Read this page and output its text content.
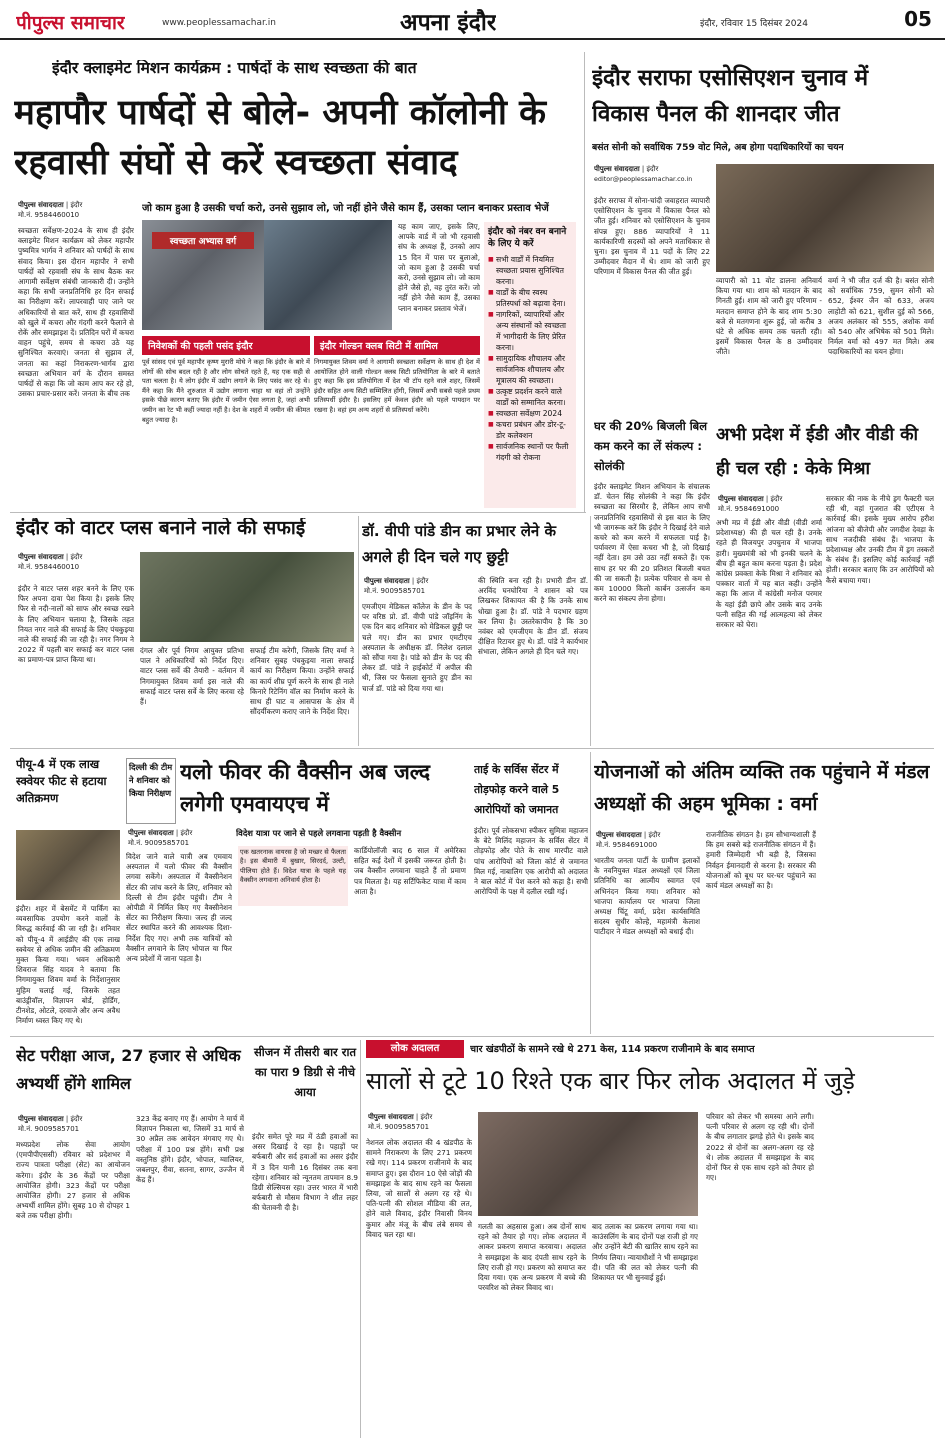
पीपुल्स समाचार	www.peoplessamachar.in	अपना इंदौर	इंदौर, रविवार 15 दिसंबर 2024	05
इंदौर क्लाइमेट मिशन कार्यक्रम : पार्षदों के साथ स्वच्छता की बात
महापौर पार्षदों से बोले- अपनी कॉलोनी के रहवासी संघों से करें स्वच्छता संवाद
जो काम हुआ है उसकी चर्चा करो, उनसे सुझाव लो, जो नहीं होने जैसे काम हैं, उसका प्लान बनाकर प्रस्ताव भेजें
पीपुल्स संवाददाता | इंदौर
मो.नं. 9584460010
स्वच्छता सर्वेक्षण-2024 के साथ ही इंदौर क्लाइमेट मिशन कार्यक्रम को लेकर महापौर पुष्यमित्र भार्गव ने शनिवार को पार्षदों के साथ संवाद किया। इस दौरान महापौर ने सभी पार्षदों को रहवासी संघ के साथ बैठक कर आगामी सर्वेक्षण संबंधी जानकारी दी। उन्होंने कहा कि सभी जनप्रतिनिधि हर दिन सफाई का निरीक्षण करें। लापरवाही पाए जाने पर अधिकारियों से बात करें, साथ ही रहवासियों को खुले में कचरा और गंदगी करने फैलाने से रोकें और समझाइश दें। प्रतिदिन घरों में कचरा वाहन पहुंचे, समय से कचरा उठे यह सुनिश्चित करवाएं। जनता से सुझाव लें, जनता का कहां निराकरण-भार्गव द्वारा स्वच्छता अभियान वर्ग के दौरान समस्त पार्षदों से कहा कि जो काम आप कर रहे हो, उसका प्रचार-प्रसार करें। जनता के बीच तक
स्वच्छता अभ्यास वर्ग
यह काम जाए, इसके लिए, आपके वार्ड में जो भी रहवासी संघ के अध्यक्ष हैं, उनको आप 15 दिन में पास पर बुलाओ, जो काम हुआ है उसकी चर्चा करो, उनसे सुझाव लो। जो काम होने जैसे हो, वह तुरंत करें। जो नहीं होने जैसे काम हैं, उसका प्लान बनाकर प्रस्ताव भेजें।
निवेशकों की पहली पसंद इंदौर
पूर्व सांसद एवं पूर्व महापौर कृष्ण मुरारी मोघे ने कहा कि इंदौर के बारे में लोगों की सोच बदल रही है और लोग सोचते रहते हैं, यह एक सही से पता चलता है। ये लोग इंदौर में उद्योग लगाने के लिए पसंद कर रहे थे। मैंने कहा कि मैंने शुरुआत में उद्योग लगाना चाहा था वहां तो उन्होंने इसके पीछे कारण बताए कि इंदौर में जमीन ऐसा लगता है, जहां अभी जमीन का रेट भी कहीं ज्यादा नहीं है। देश के शहरों में जमीन की कीमत बहुत ज्यादा है।
इंदौर गोल्डन क्लब सिटी में शामिल
निगमायुक्त शिवम वर्मा ने आगामी स्वच्छता सर्वेक्षण के साथ ही देश में आयोजित होने वाली गोल्डन क्लब सिटी प्रतियोगिता के बारे में बताते हुए कहा कि इस प्रतियोगिता में देश भी टॉप रहने वाले शहर, जिसमें इंदौर सहित अन्य सिटी सम्मिलित होंगी, जिसमें अभी सबसे पहले प्रथम प्रतिस्पर्धी इंदौर है। इसलिए हमें केवल इंदौर को पहले पायदान पर रखना है। वहां हम अन्य शहरों से प्रतिस्पर्धा करेंगे।
इंदौर को नंबर वन बनाने के लिए ये करें
■ सभी वार्डों में नियमित स्वच्छता प्रयास सुनिश्चित करना।
■ वार्डों के बीच स्वस्थ प्रतिस्पर्धा को बढ़ावा देना।
■ नागरिकों, व्यापारियों और अन्य संस्थानों को स्वच्छता में भागीदारी के लिए प्रेरित करना।
■ सामुदायिक शौचालय और सार्वजनिक शौचालय और मूत्रालय की स्वच्छता।
■ उत्कृष्ट प्रदर्शन करने वाले वार्डों को सम्मानित करना।
■ स्वच्छता सर्वेक्षण 2024
■ कचरा प्रबंधन और डोर-टू-डोर कलेक्शन
■ सार्वजनिक स्थानों पर फैली गंदगी को रोकना
इंदौर सराफा एसोसिएशन चुनाव में विकास पैनल की शानदार जीत
बसंत सोनी को सर्वाधिक 759 वोट मिले, अब होगा पदाधिकारियों का चयन
पीपुल्स संवाददाता | इंदौर
editor@peoplessamachar.co.in
इंदौर सराफा में सोना-चांदी जवाहरात व्यापारी एसोसिएशन के चुनाव में विकास पैनल को जीत हुई। शनिवार को एसोसिएशन के चुनाव संपन्न हुए। 886 व्यापारियों ने 11 कार्यकारिणी सदस्यों को अपने मताधिकार से चुना। इस चुनाव में 11 पदों के लिए 22 उम्मीदवार मैदान में थे। शाम को जारी हुए परिणाम में विकास पैनल की जीत हुई।
व्यापारी को 11 वोट डालना अनिवार्य किया गया था। शाम को मतदान के बाद गिनती हुई। शाम को जारी हुए परिणाम - मतदान समाप्त होने के बाद शाम 5:30 बजे से मतगणना शुरू हुई, जो करीब 3 घंटे से अधिक समय तक चलती रही। इसमें विकास पैनल के 8 उम्मीदवार जीते।
वर्मा ने भी जीत दर्ज की है। बसंत सोनी को सर्वाधिक 759, सुमन सोनी को 652, ईश्वर जैन को 633, अजय लाहोटी को 621, सुशील दुई को 566, अजय अलंकार को 555, अशोक वर्मा को 540 और अभिषेक को 501 मिले। निर्मल वर्मा को 497 मत मिले। अब पदाधिकारियों का चयन होगा।
घर की 20% बिजली बिल कम करने का लें संकल्प : सोलंकी
इंदौर क्लाइमेट मिशन अभियान के संचालक डॉ. चेतन सिंह सोलंकी ने कहा कि इंदौर स्वच्छता का सिरमौर है, लेकिन आप सभी जनप्रतिनिधि रहवासियों से इस बात के लिए भी जागरूक करें कि इंदौर ने दिखाई देने वाले कचरे को कम करने में सफलता पाई है। पर्यावरण में ऐसा कचरा भी है, जो दिखाई नहीं देता। हम उसे उठा नहीं सकते हैं। एक साथ हर घर की 20 प्रतिशत बिजली बचत की जा सकती है। प्रत्येक परिवार से कम से कम 10000 किलो कार्बन उत्सर्जन कम करने का संकल्प लेना होगा।
अभी प्रदेश में ईडी और वीडी की ही चल रही : केके मिश्रा
पीपुल्स संवाददाता | इंदौर
मो.नं. 9584691000
अभी मप्र में ईडी और वीडी (वीडी शर्मा प्रदेशाध्यक्ष) की ही चल रही है। उनके रहते ही विजयपुर उपचुनाव में भाजपा हारी। मुख्यमंत्री को भी इनकी चलने के बीच ही बहुत काम करना पड़ता है। प्रदेश कांग्रेस प्रवक्ता केके मिश्रा ने शनिवार को पत्रकार वार्ता में यह बात कही। उन्होंने कहा कि आज में कांग्रेसी मनोज परमार के यहां ईडी छापे और उसके बाद उनके पत्नी सहित की गई आत्महत्या को लेकर सरकार को घेरा।
सरकार की नाक के नीचे ड्रग फैक्टरी चल रही थी, वहां गुजरात की एटीएस ने कार्रवाई की। इसके मुख्य आरोप हरीश आंजना को बीजेपी और जगदीश देवड़ा के साथ नजदीकी संबंध हैं। भाजपा के प्रदेशाध्यक्ष और उनकी टीम में ड्रग तस्करों के संबंध हैं। इसलिए कोई कार्रवाई नहीं होती। सरकार बताए कि उन आरोपियों को कैसे बचाया गया।
इंदौर को वाटर प्लस बनाने नाले की सफाई
पीपुल्स संवाददाता | इंदौर
मो.नं. 9584460010
इंदौर ने वाटर प्लस शहर बनने के लिए एक फिर अपना दावा पेश किया है। इसके लिए फिर से नदी-नालों को साफ और स्वच्छ रखने के लिए अभियान चलाया है, जिसके तहत नियत नगर नाले की सफाई के लिए पंचकुइया नाले की सफाई की जा रही है। नगर निगम ने 2022 में पहली बार सफाई कर वाटर प्लस का प्रमाण-पत्र प्राप्त किया था।
दंगल और पूर्व निगम आयुक्त प्रतिभा पाल ने अधिकारियों को निर्देश दिए। वाटर प्लस सर्वे की तैयारी - वर्तमान में निगमायुक्त शिवम वर्मा इस नाले की सफाई वाटर प्लस सर्वे के लिए करवा रहे हैं।
सफाई टीम करेगी, जिसके लिए वर्मा ने शनिवार सुबह पंचकुइया नाला सफाई कार्य का निरीक्षण किया। उन्होंने सफाई का कार्य शीघ्र पूर्ण करने के साथ ही नाले किनारे रिटेनिंग वॉल का निर्माण करने के साथ ही घाट व आसपास के क्षेत्र में सौंदर्यीकरण कराए जाने के निर्देश दिए।
डॉ. वीपी पांडे डीन का प्रभार लेने के अगले ही दिन चले गए छुट्टी
पीपुल्स संवाददाता | इंदौर
मो.नं. 9009585701
एमजीएम मेडिकल कॉलेज के डीन के पद पर वरिष्ठ प्रो. डॉ. वीपी पांडे जॉइनिंग के एक दिन बाद शनिवार को मेडिकल छुट्टी पर चले गए। डीन का प्रभार एमटीएच अस्पताल के अधीक्षक डॉ. निलेश दलाल को सौंपा गया है। पांडे को डीन के पद की लेकर डॉ. पांडे ने हाईकोर्ट में अपील की थी, जिस पर फैसला सुनाते हुए डीन का चार्ज डॉ. पांडे को दिया गया था।
की स्थिति बना रही है। प्रभारी डीन डॉ. अरविंद घनघोरिया ने शासन को पत्र लिखकर शिकायत की है कि उनके साथ धोखा हुआ है। डॉ. पांडे ने पदभार ग्रहण कर लिया है। उस्तरेकापीय है कि 30 नवंबर को एमजीएम के डीन डॉ. संजय दीक्षित रिटायर हुए थे। डॉ. पांडे ने कार्यभार संभाला, लेकिन अगले ही दिन चले गए।
पीयू-4 में एक लाख स्क्वेयर फीट से हटाया अतिक्रमण
इंदौर। शहर में बेसमेंट में पार्किंग का व्यवसायिक उपयोग करने वालों के विरुद्ध कार्रवाई की जा रही है। शनिवार को पीयू-4 में आईडीए की एक लाख स्क्वेयर से अधिक जमीन की अतिक्रमण मुक्त किया गया। भवन अधिकारी शिवराज सिंह यादव ने बताया कि निगमायुक्त शिवम वर्मा के निर्देशानुसार मुहिम चलाई गई, जिसके तहत बाउंड्रीवॉल, विज्ञापन बोर्ड, होर्डिंग, टीनशेड, ओटले, दरवाजे और अन्य अवैध निर्माण ध्वस्त किए गए थे।
दिल्ली की टीम ने शनिवार को किया निरीक्षण
यलो फीवर की वैक्सीन अब जल्द लगेगी एमवायएच में
विदेश यात्रा पर जाने से पहले लगवाना पड़ती है वैक्सीन
पीपुल्स संवाददाता | इंदौर
मो.नं. 9009585701
विदेश जाने वाले यात्री अब एमवाय अस्पताल में यलो फीवर की वैक्सीन लगवा सकेंगे। अस्पताल में वैक्सीनेशन सेंटर की जांच करने के लिए, शनिवार को दिल्ली से टीम इंदौर पहुंची। टीम ने ओपीडी में निर्मित किए गए वैक्सीनेशन सेंटर का निरीक्षण किया। जल्द ही जल्द सेंटर स्थापित करने की आवश्यक दिशा-निर्देश दिए गए। अभी तक यात्रियों को वैक्सीन लगवाने के लिए भोपाल या फिर अन्य प्रदेशों में जाना पड़ता है।
एक खतरनाक वायरस है जो मच्छर से फैलता है। इस बीमारी में बुखार, सिरदर्द, उल्टी, पीलिया होते हैं। विदेश यात्रा के पहले यह वैक्सीन लगवाना अनिवार्य होता है।
कार्डियोलॉजी बाद 6 साल में अमेरिका सहित कई देशों में इसकी जरूरत होती है। जब वैक्सीन लगवाना चाहते हैं तो प्रमाण पत्र मिलता है। यह सर्टिफिकेट यात्रा में काम आता है।
ताई के सर्विस सेंटर में तोड़फोड़ करने वाले 5 आरोपियों को जमानत
इंदौर। पूर्व लोकसभा स्पीकर सुमित्रा महाजन के बेटे मिलिंद महाजन के सर्विस सेंटर में तोड़फोड़ और पोते के साथ मारपीट वाले पांच आरोपियों को जिला कोर्ट से जमानत मिल गई, नाबालिग एक आरोपी को अदालत ने बाल कोर्ट में पेश करने को कहा है। सभी आरोपियों के पक्ष में दलील रखी गई।
योजनाओं को अंतिम व्यक्ति तक पहुंचाने में मंडल अध्यक्षों की अहम भूमिका : वर्मा
पीपुल्स संवाददाता | इंदौर
मो.नं. 9584691000
भारतीय जनता पार्टी के ग्रामीण इलाकों के नवनियुक्त मंडल अध्यक्षों एवं जिला प्रतिनिधि का आत्मीय स्वागत एवं अभिनंदन किया गया। शनिवार को भाजपा कार्यालय पर भाजपा जिला अध्यक्ष चिंटू वर्मा, प्रदेश कार्यसमिति सदस्य सुधीर कोल्हे, महामंत्री केलाश पाटीदार ने मंडल अध्यक्षों को बधाई दी।
राजनीतिक संगठन है। हम सौभाग्यशाली हैं कि हम सबसे बड़े राजनीतिक संगठन में हैं। हमारी जिम्मेदारी भी बड़ी है, जिसका निर्वहन ईमानदारी से करना है। सरकार की योजनाओं को बूथ पर घर-घर पहुंचाने का कार्य मंडल अध्यक्षों का है।
सेट परीक्षा आज, 27 हजार से अधिक अभ्यर्थी होंगे शामिल
पीपुल्स संवाददाता | इंदौर
मो.नं. 9009585701
मध्यप्रदेश लोक सेवा आयोग (एमपीपीएससी) रविवार को प्रदेशभर में राज्य पात्रता परीक्षा (सेट) का आयोजन करेगा। इंदौर के 36 केंद्रों पर परीक्षा आयोजित होगी। 323 केंद्रों पर परीक्षा आयोजित होगी। 27 हजार से अधिक अभ्यर्थी शामिल होंगे। सुबह 10 से दोपहर 1 बजे तक परीक्षा होगी।
323 केंद्र बनाए गए हैं। आयोग ने मार्च में विज्ञापन निकाला था, जिसमें 31 मार्च से 30 अप्रैल तक आवेदन मंगवाए गए थे। परीक्षा में 100 प्रश्न होंगे। सभी प्रश्न वस्तुनिष्ठ होंगे। इंदौर, भोपाल, ग्वालियर, जबलपुर, रीवा, सतना, सागर, उज्जैन में केंद्र हैं।
सीजन में तीसरी बार रात का पारा 9 डिग्री से नीचे आया
इंदौर समेत पूरे मप्र में ठंडी हवाओं का असर दिखाई दे रहा है। पहाड़ों पर बर्फबारी और सर्द हवाओं का असर इंदौर में 3 दिन यानी 16 दिसंबर तक बना रहेगा। शनिवार को न्यूनतम तापमान 8.9 डिग्री सेल्सियस रहा। उत्तर भारत में भारी बर्फबारी से मौसम विभाग ने शीत लहर की चेतावनी दी है।
लोक अदालत	चार खंडपीठों के सामने रखे थे 271 केस, 114 प्रकरण राजीनामे के बाद समाप्त
सालों से टूटे 10 रिश्ते एक बार फिर लोक अदालत में जुड़े
पीपुल्स संवाददाता | इंदौर
मो.नं. 9009585701
नेशनल लोक अदालत की 4 खंडपीठ के सामने निराकरण के लिए 271 प्रकरण रखे गए। 114 प्रकरण राजीनामे के बाद समाप्त हुए। इस दौरान 10 ऐसे जोड़ों की समझाइश के बाद साथ रहने का फैसला लिया, जो सालों से अलग रह रहे थे। पति-पत्नी की सोशल मीडिया की लत, होने वाले विवाद, इंदौर निवासी विनय कुमार और मंजू के बीच लंबे समय से विवाद चल रहा था।
गलती का अहसास हुआ। अब दोनों साथ रहने को तैयार हो गए। लोक अदालत में आकर प्रकरण समाप्त करवाया। अदालत ने समझाइश के बाद दंपती साथ रहने के लिए राजी हो गए। प्रकरण को समाप्त कर दिया गया। एक अन्य प्रकरण में बच्चे की परवरिश को लेकर विवाद था।
बाद तलाक का प्रकरण लगाया गया था। काउंसलिंग के बाद दोनों पक्ष राजी हो गए और उन्होंने बेटी की खातिर साथ रहने का निर्णय लिया। न्यायाधीशों ने भी समझाइश दी। पति की लत को लेकर पत्नी की शिकायत पर भी सुनवाई हुई।
परिवार को लेकर भी समस्या आने लगी। पत्नी परिवार से अलग रह रही थी। दोनों के बीच लगातार झगड़े होते थे। इसके बाद 2022 से दोनों का अलग-अलग रह रहे थे। लोक अदालत में समझाइश के बाद दोनों फिर से एक साथ रहने को तैयार हो गए।
